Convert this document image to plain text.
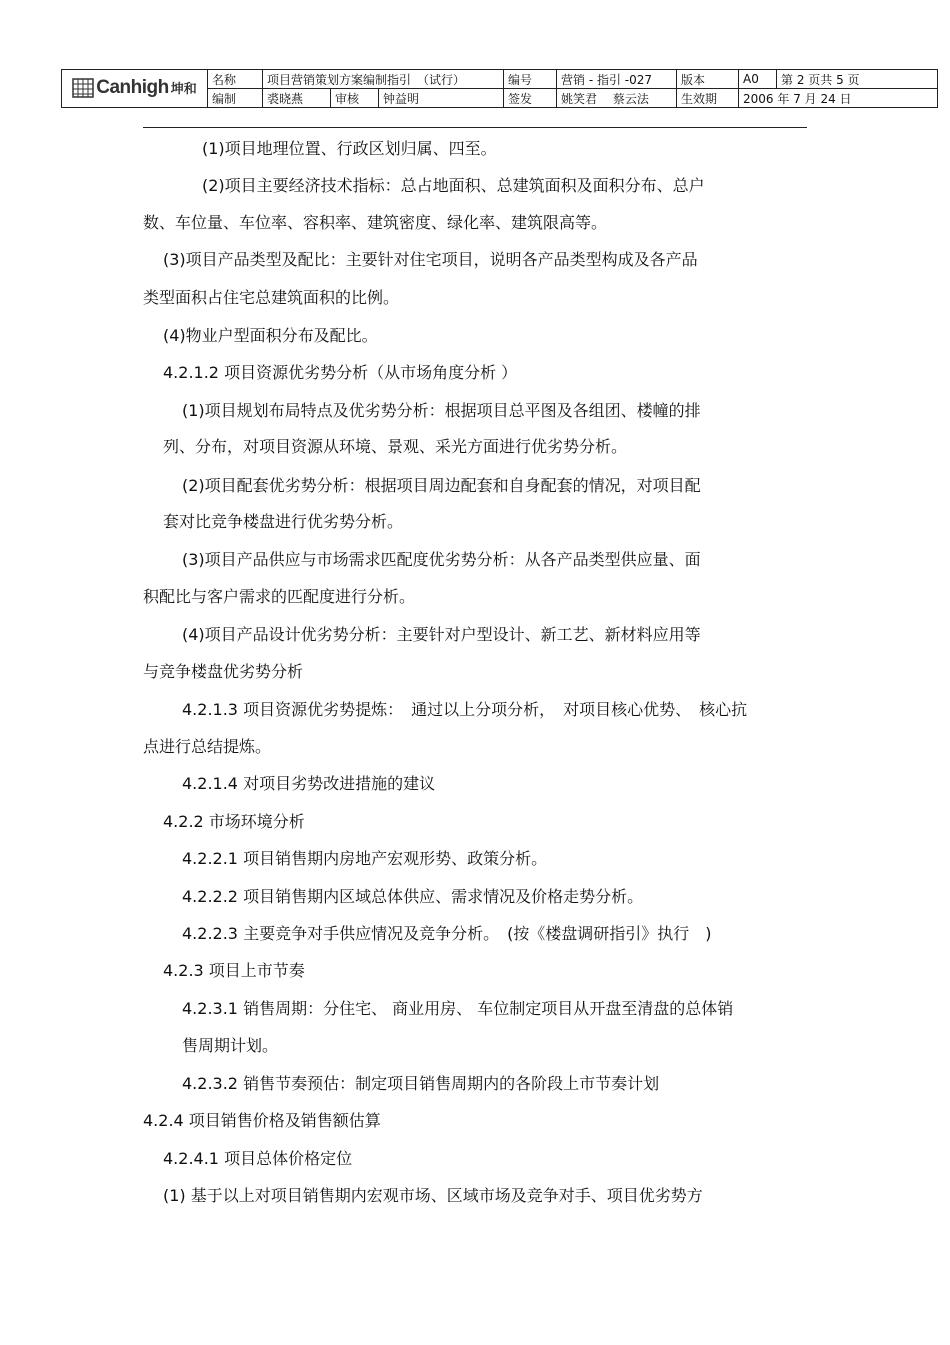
Canhigh 坤和	名称	项目营销策划方案编制指引　（试行）			编号	营销 - 指引 -027	版本	A0	第 2 页共 5 页
	编制	裘晓燕	审核	钟益明	签发	姚笑君　 蔡云法	生效期	2006 年 7 月 24 日	
(1)项目地理位置、行政区划归属、四至。
(2)项目主要经济技术指标：总占地面积、总建筑面积及面积分布、总户
数、车位量、车位率、容积率、建筑密度、绿化率、建筑限高等。
(3)项目产品类型及配比：主要针对住宅项目，说明各产品类型构成及各产品
类型面积占住宅总建筑面积的比例。
(4)物业户型面积分布及配比。
4.2.1.2 项目资源优劣势分析（从市场角度分析 ）
(1)项目规划布局特点及优劣势分析：根据项目总平图及各组团、楼幢的排
列、分布，对项目资源从环境、景观、采光方面进行优劣势分析。
(2)项目配套优劣势分析：根据项目周边配套和自身配套的情况，对项目配
套对比竞争楼盘进行优劣势分析。
(3)项目产品供应与市场需求匹配度优劣势分析：从各产品类型供应量、面
积配比与客户需求的匹配度进行分析。
(4)项目产品设计优劣势分析：主要针对户型设计、新工艺、新材料应用等
与竞争楼盘优劣势分析
4.2.1.3 项目资源优劣势提炼：　通过以上分项分析，　对项目核心优势、　核心抗
点进行总结提炼。
4.2.1.4 对项目劣势改进措施的建议
4.2.2 市场环境分析
4.2.2.1 项目销售期内房地产宏观形势、政策分析。
4.2.2.2 项目销售期内区域总体供应、需求情况及价格走势分析。
4.2.2.3 主要竞争对手供应情况及竞争分析。　(按《楼盘调研指引》执行　)
4.2.3 项目上市节奏
4.2.3.1 销售周期：分住宅、 商业用房、 车位制定项目从开盘至清盘的总体销
售周期计划。
4.2.3.2 销售节奏预估：制定项目销售周期内的各阶段上市节奏计划
4.2.4 项目销售价格及销售额估算
4.2.4.1 项目总体价格定位
(1) 基于以上对项目销售期内宏观市场、区域市场及竞争对手、项目优劣势方
